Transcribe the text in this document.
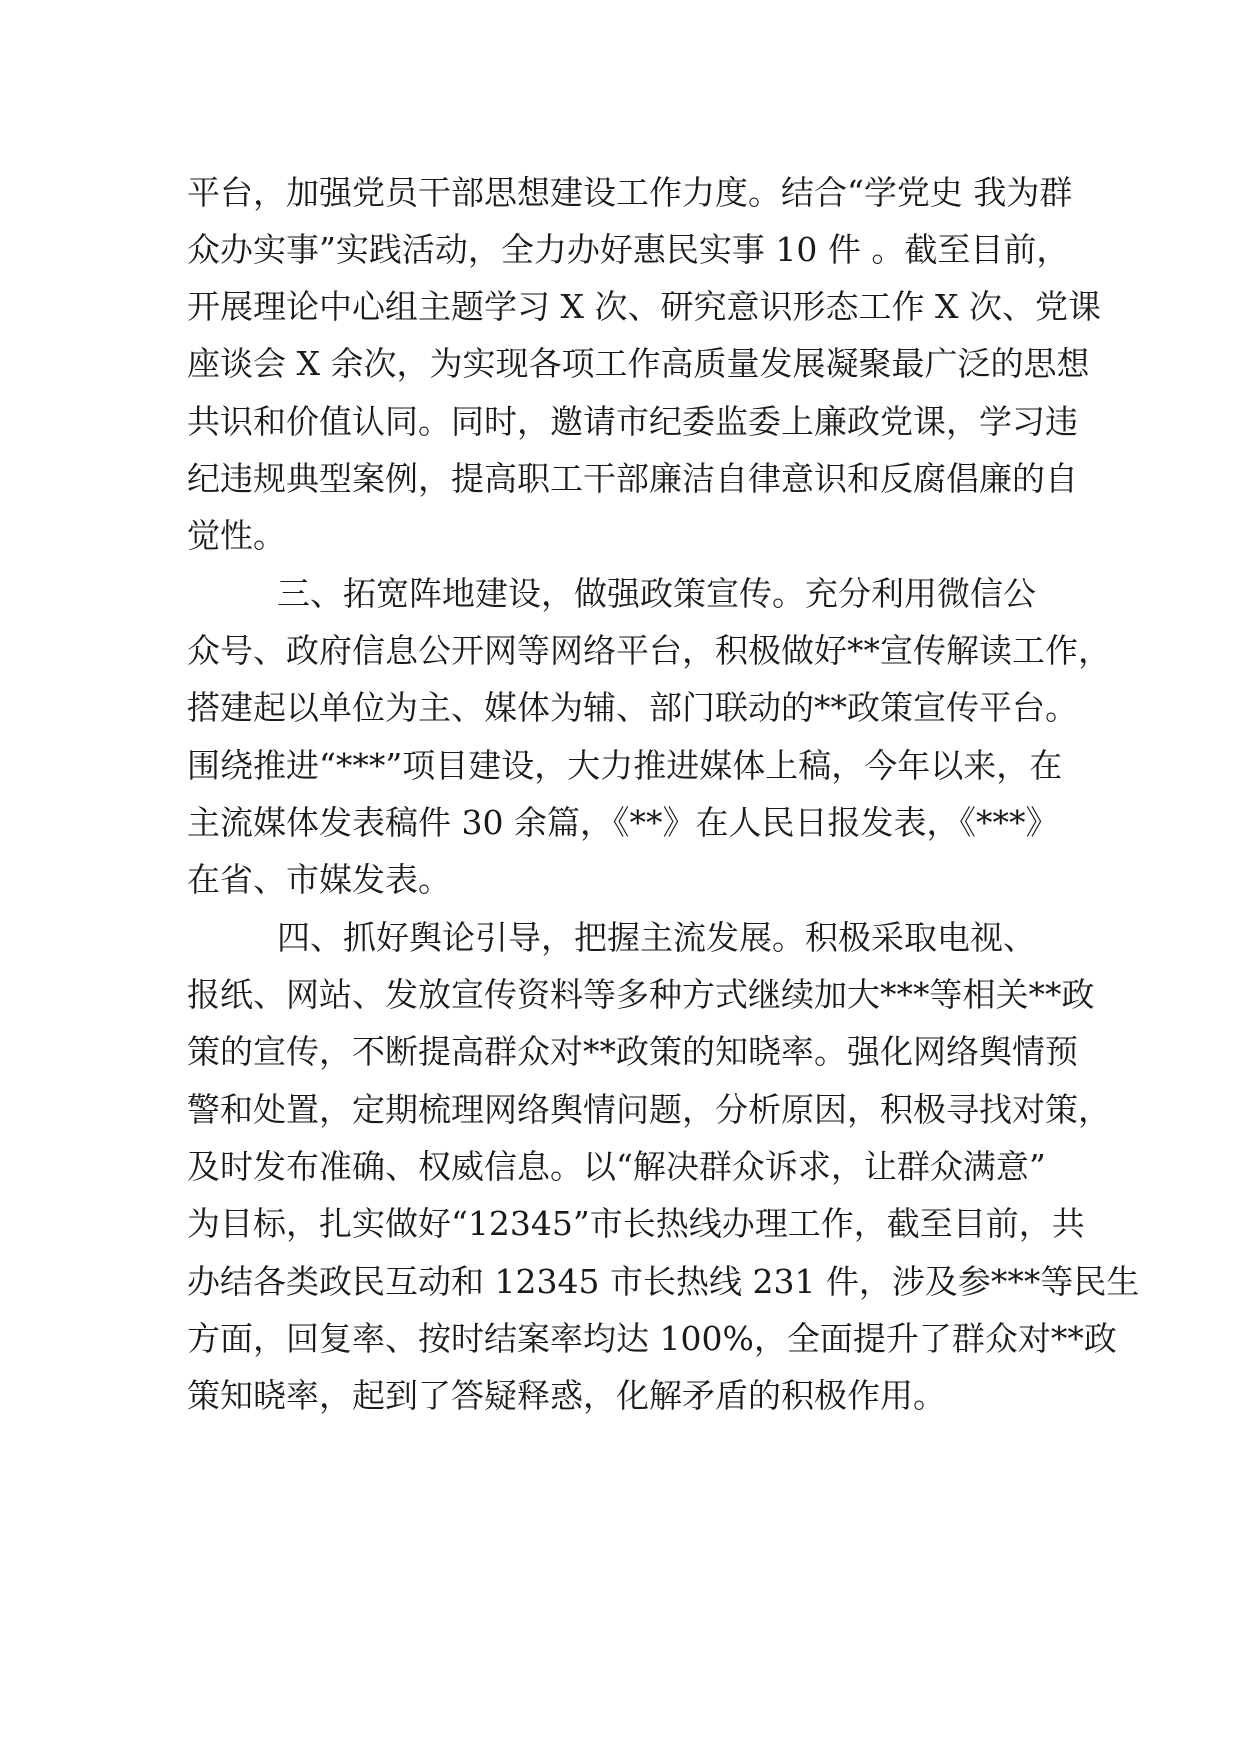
平台，加强党员干部思想建设工作力度。结合“学党史 我为群
众办实事”实践活动，全力办好惠民实事 10 件 。截至目前，
开展理论中心组主题学习 X 次、研究意识形态工作 X 次、党课
座谈会 X 余次，为实现各项工作高质量发展凝聚最广泛的思想
共识和价值认同。同时，邀请市纪委监委上廉政党课，学习违
纪违规典型案例，提高职工干部廉洁自律意识和反腐倡廉的自
觉性。
三、拓宽阵地建设，做强政策宣传。充分利用微信公
众号、政府信息公开网等网络平台，积极做好**宣传解读工作，
搭建起以单位为主、媒体为辅、部门联动的**政策宣传平台。
围绕推进“***”项目建设，大力推进媒体上稿，今年以来，在
主流媒体发表稿件 30 余篇，《**》在人民日报发表，《***》
在省、市媒发表。
四、抓好舆论引导，把握主流发展。积极采取电视、
报纸、网站、发放宣传资料等多种方式继续加大***等相关**政
策的宣传，不断提高群众对**政策的知晓率。强化网络舆情预
警和处置，定期梳理网络舆情问题，分析原因，积极寻找对策，
及时发布准确、权威信息。以“解决群众诉求，让群众满意”
为目标，扎实做好“12345”市长热线办理工作，截至目前，共
办结各类政民互动和 12345 市长热线 231 件，涉及参***等民生
方面，回复率、按时结案率均达 100%，全面提升了群众对**政
策知晓率，起到了答疑释惑，化解矛盾的积极作用。
